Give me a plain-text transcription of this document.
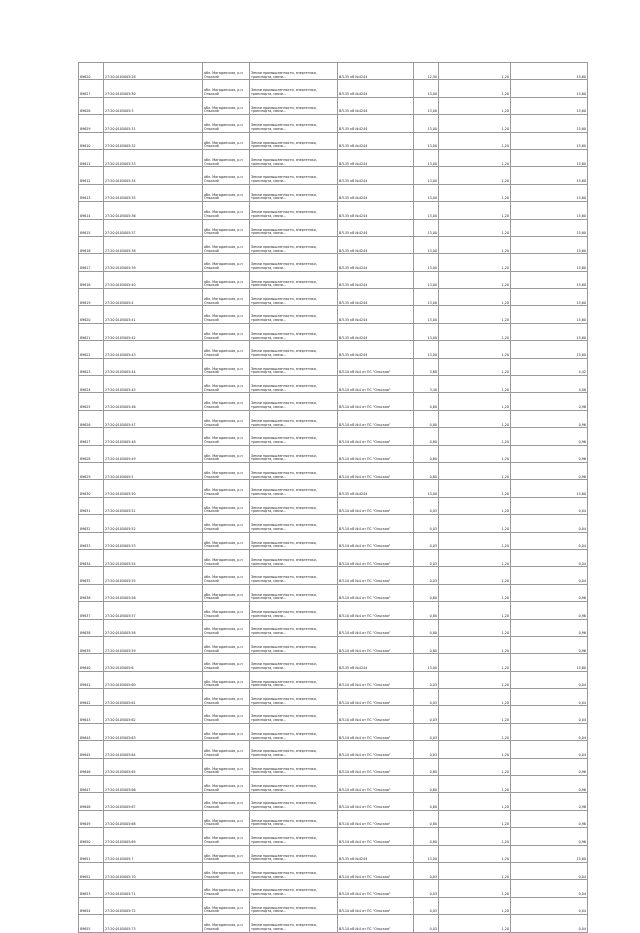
89620	27:20:0105005:28	обл. Магаданская, р-н Ольский	Земли промышленности, энергетики, транспорта, связи...	ВЛ-35 кВ №4244	12,30	1,20	15,60
89627	27:20:0105005:30	обл. Магаданская, р-н Ольский	Земли промышленности, энергетики, транспорта, связи...	ВЛ-35 кВ №4244	13,00	1,20	15,60
89628	27:20:0105005:3	обл. Магаданская, р-н Ольский	Земли промышленности, энергетики, транспорта, связи...	ВЛ-35 кВ №4244	13,00	1,20	15,60
89629	27:20:0105005:31	обл. Магаданская, р-н Ольский	Земли промышленности, энергетики, транспорта, связи...	ВЛ-35 кВ №4244	13,00	1,20	15,60
89610	27:20:0105005:32	обл. Магаданская, р-н Ольский	Земли промышленности, энергетики, транспорта, связи...	ВЛ-35 кВ №4244	13,00	1,20	15,60
89611	27:20:0105005:33	обл. Магаданская, р-н Ольский	Земли промышленности, энергетики, транспорта, связи...	ВЛ-35 кВ №4244	13,00	1,20	15,60
89612	27:20:0105005:34	обл. Магаданская, р-н Ольский	Земли промышленности, энергетики, транспорта, связи...	ВЛ-35 кВ №4244	13,00	1,20	15,60
89613	27:20:0105005:35	обл. Магаданская, р-н Ольский	Земли промышленности, энергетики, транспорта, связи...	ВЛ-35 кВ №4244	13,00	1,20	15,60
89614	27:20:0105005:36	обл. Магаданская, р-н Ольский	Земли промышленности, энергетики, транспорта, связи...	ВЛ-35 кВ №4244	13,00	1,20	15,60
89615	27:20:0105005:37	обл. Магаданская, р-н Ольский	Земли промышленности, энергетики, транспорта, связи...	ВЛ-35 кВ №4244	13,00	1,20	15,60
89616	27:20:0105005:38	обл. Магаданская, р-н Ольский	Земли промышленности, энергетики, транспорта, связи...	ВЛ-35 кВ №4244	13,00	1,20	15,60
89617	27:20:0105005:39	обл. Магаданская, р-н Ольский	Земли промышленности, энергетики, транспорта, связи...	ВЛ-35 кВ №4244	13,00	1,20	15,60
89618	27:20:0105005:40	обл. Магаданская, р-н Ольский	Земли промышленности, энергетики, транспорта, связи...	ВЛ-35 кВ №4244	13,00	1,20	15,60
89619	27:20:0105005:4	обл. Магаданская, р-н Ольский	Земли промышленности, энергетики, транспорта, связи...	ВЛ-35 кВ №4244	13,00	1,20	15,60
89620	27:20:0105005:41	обл. Магаданская, р-н Ольский	Земли промышленности, энергетики, транспорта, связи...	ВЛ-35 кВ №4244	13,00	1,20	15,60
89621	27:20:0105005:42	обл. Магаданская, р-н Ольский	Земли промышленности, энергетики, транспорта, связи...	ВЛ-35 кВ №4244	13,00	1,20	15,60
89622	27:20:0105005:43	обл. Магаданская, р-н Ольский	Земли промышленности, энергетики, транспорта, связи...	ВЛ-35 кВ №4244	13,00	1,20	15,60
89623	27:20:0105005:44	обл. Магаданская, р-н Ольский	Земли промышленности, энергетики, транспорта, связи...	ВЛ-10 кВ №4 от ПС "Ольская"	3,68	1,20	4,42
89624	27:20:0105005:45	обл. Магаданская, р-н Ольский	Земли промышленности, энергетики, транспорта, связи...	ВЛ-10 кВ №4 от ПС "Ольская"	3,40	1,20	4,08
89625	27:20:0105005:46	обл. Магаданская, р-н Ольский	Земли промышленности, энергетики, транспорта, связи...	ВЛ-10 кВ №4 от ПС "Ольская"	0,80	1,20	0,96
89626	27:20:0105005:47	обл. Магаданская, р-н Ольский	Земли промышленности, энергетики, транспорта, связи...	ВЛ-10 кВ №4 от ПС "Ольская"	0,80	1,20	0,96
89627	27:20:0105005:48	обл. Магаданская, р-н Ольский	Земли промышленности, энергетики, транспорта, связи...	ВЛ-10 кВ №4 от ПС "Ольская"	0,80	1,20	0,96
89628	27:20:0105005:49	обл. Магаданская, р-н Ольский	Земли промышленности, энергетики, транспорта, связи...	ВЛ-10 кВ №4 от ПС "Ольская"	0,80	1,20	0,96
89629	27:20:0105005:5	обл. Магаданская, р-н Ольский	Земли промышленности, энергетики, транспорта, связи...	ВЛ-10 кВ №4 от ПС "Ольская"	0,80	1,20	0,96
89630	27:20:0105005:50	обл. Магаданская, р-н Ольский	Земли промышленности, энергетики, транспорта, связи...	ВЛ-35 кВ №4244	13,00	1,20	15,60
89631	27:20:0105005:51	обл. Магаданская, р-н Ольский	Земли промышленности, энергетики, транспорта, связи...	ВЛ-10 кВ №4 от ПС "Ольская"	0,03	1,20	0,04
89632	27:20:0105005:52	обл. Магаданская, р-н Ольский	Земли промышленности, энергетики, транспорта, связи...	ВЛ-10 кВ №4 от ПС "Ольская"	0,03	1,20	0,04
89633	27:20:0105005:53	обл. Магаданская, р-н Ольский	Земли промышленности, энергетики, транспорта, связи...	ВЛ-10 кВ №4 от ПС "Ольская"	0,03	1,20	0,04
89634	27:20:0105005:54	обл. Магаданская, р-н Ольский	Земли промышленности, энергетики, транспорта, связи...	ВЛ-10 кВ №4 от ПС "Ольская"	0,03	1,20	0,04
89635	27:20:0105005:55	обл. Магаданская, р-н Ольский	Земли промышленности, энергетики, транспорта, связи...	ВЛ-10 кВ №4 от ПС "Ольская"	0,03	1,20	0,04
89636	27:20:0105005:56	обл. Магаданская, р-н Ольский	Земли промышленности, энергетики, транспорта, связи...	ВЛ-10 кВ №4 от ПС "Ольская"	0,80	1,20	0,96
89637	27:20:0105005:57	обл. Магаданская, р-н Ольский	Земли промышленности, энергетики, транспорта, связи...	ВЛ-10 кВ №4 от ПС "Ольская"	0,80	1,20	0,96
89638	27:20:0105005:58	обл. Магаданская, р-н Ольский	Земли промышленности, энергетики, транспорта, связи...	ВЛ-10 кВ №4 от ПС "Ольская"	0,80	1,20	0,96
89639	27:20:0105005:59	обл. Магаданская, р-н Ольский	Земли промышленности, энергетики, транспорта, связи...	ВЛ-10 кВ №4 от ПС "Ольская"	0,80	1,20	0,96
89640	27:20:0105005:6	обл. Магаданская, р-н Ольский	Земли промышленности, энергетики, транспорта, связи...	ВЛ-35 кВ №4244	13,00	1,20	15,60
89641	27:20:0105005:60	обл. Магаданская, р-н Ольский	Земли промышленности, энергетики, транспорта, связи...	ВЛ-10 кВ №4 от ПС "Ольская"	0,03	1,20	0,04
89642	27:20:0105005:61	обл. Магаданская, р-н Ольский	Земли промышленности, энергетики, транспорта, связи...	ВЛ-10 кВ №4 от ПС "Ольская"	0,03	1,20	0,04
89643	27:20:0105005:62	обл. Магаданская, р-н Ольский	Земли промышленности, энергетики, транспорта, связи...	ВЛ-10 кВ №4 от ПС "Ольская"	0,03	1,20	0,04
89644	27:20:0105005:63	обл. Магаданская, р-н Ольский	Земли промышленности, энергетики, транспорта, связи...	ВЛ-10 кВ №4 от ПС "Ольская"	0,03	1,20	0,04
89645	27:20:0105005:64	обл. Магаданская, р-н Ольский	Земли промышленности, энергетики, транспорта, связи...	ВЛ-10 кВ №4 от ПС "Ольская"	0,03	1,20	0,04
89646	27:20:0105005:65	обл. Магаданская, р-н Ольский	Земли промышленности, энергетики, транспорта, связи...	ВЛ-10 кВ №4 от ПС "Ольская"	0,80	1,20	0,96
89647	27:20:0105005:66	обл. Магаданская, р-н Ольский	Земли промышленности, энергетики, транспорта, связи...	ВЛ-10 кВ №4 от ПС "Ольская"	0,80	1,20	0,96
89648	27:20:0105005:67	обл. Магаданская, р-н Ольский	Земли промышленности, энергетики, транспорта, связи...	ВЛ-10 кВ №4 от ПС "Ольская"	0,80	1,20	0,96
89649	27:20:0105005:68	обл. Магаданская, р-н Ольский	Земли промышленности, энергетики, транспорта, связи...	ВЛ-10 кВ №4 от ПС "Ольская"	0,80	1,20	0,96
89650	27:20:0105005:69	обл. Магаданская, р-н Ольский	Земли промышленности, энергетики, транспорта, связи...	ВЛ-10 кВ №4 от ПС "Ольская"	0,80	1,20	0,96
89651	27:20:0105005:7	обл. Магаданская, р-н Ольский	Земли промышленности, энергетики, транспорта, связи...	ВЛ-35 кВ №4244	13,00	1,20	15,60
89652	27:20:0105005:70	обл. Магаданская, р-н Ольский	Земли промышленности, энергетики, транспорта, связи...	ВЛ-10 кВ №4 от ПС "Ольская"	0,03	1,20	0,04
89653	27:20:0105005:71	обл. Магаданская, р-н Ольский	Земли промышленности, энергетики, транспорта, связи...	ВЛ-10 кВ №4 от ПС "Ольская"	0,03	1,20	0,04
89654	27:20:0105005:72	обл. Магаданская, р-н Ольский	Земли промышленности, энергетики, транспорта, связи...	ВЛ-10 кВ №4 от ПС "Ольская"	0,03	1,20	0,04
89655	27:20:0105005:73	обл. Магаданская, р-н Ольский	Земли промышленности, энергетики, транспорта, связи...	ВЛ-10 кВ №4 от ПС "Ольская"	0,03	1,20	0,04
